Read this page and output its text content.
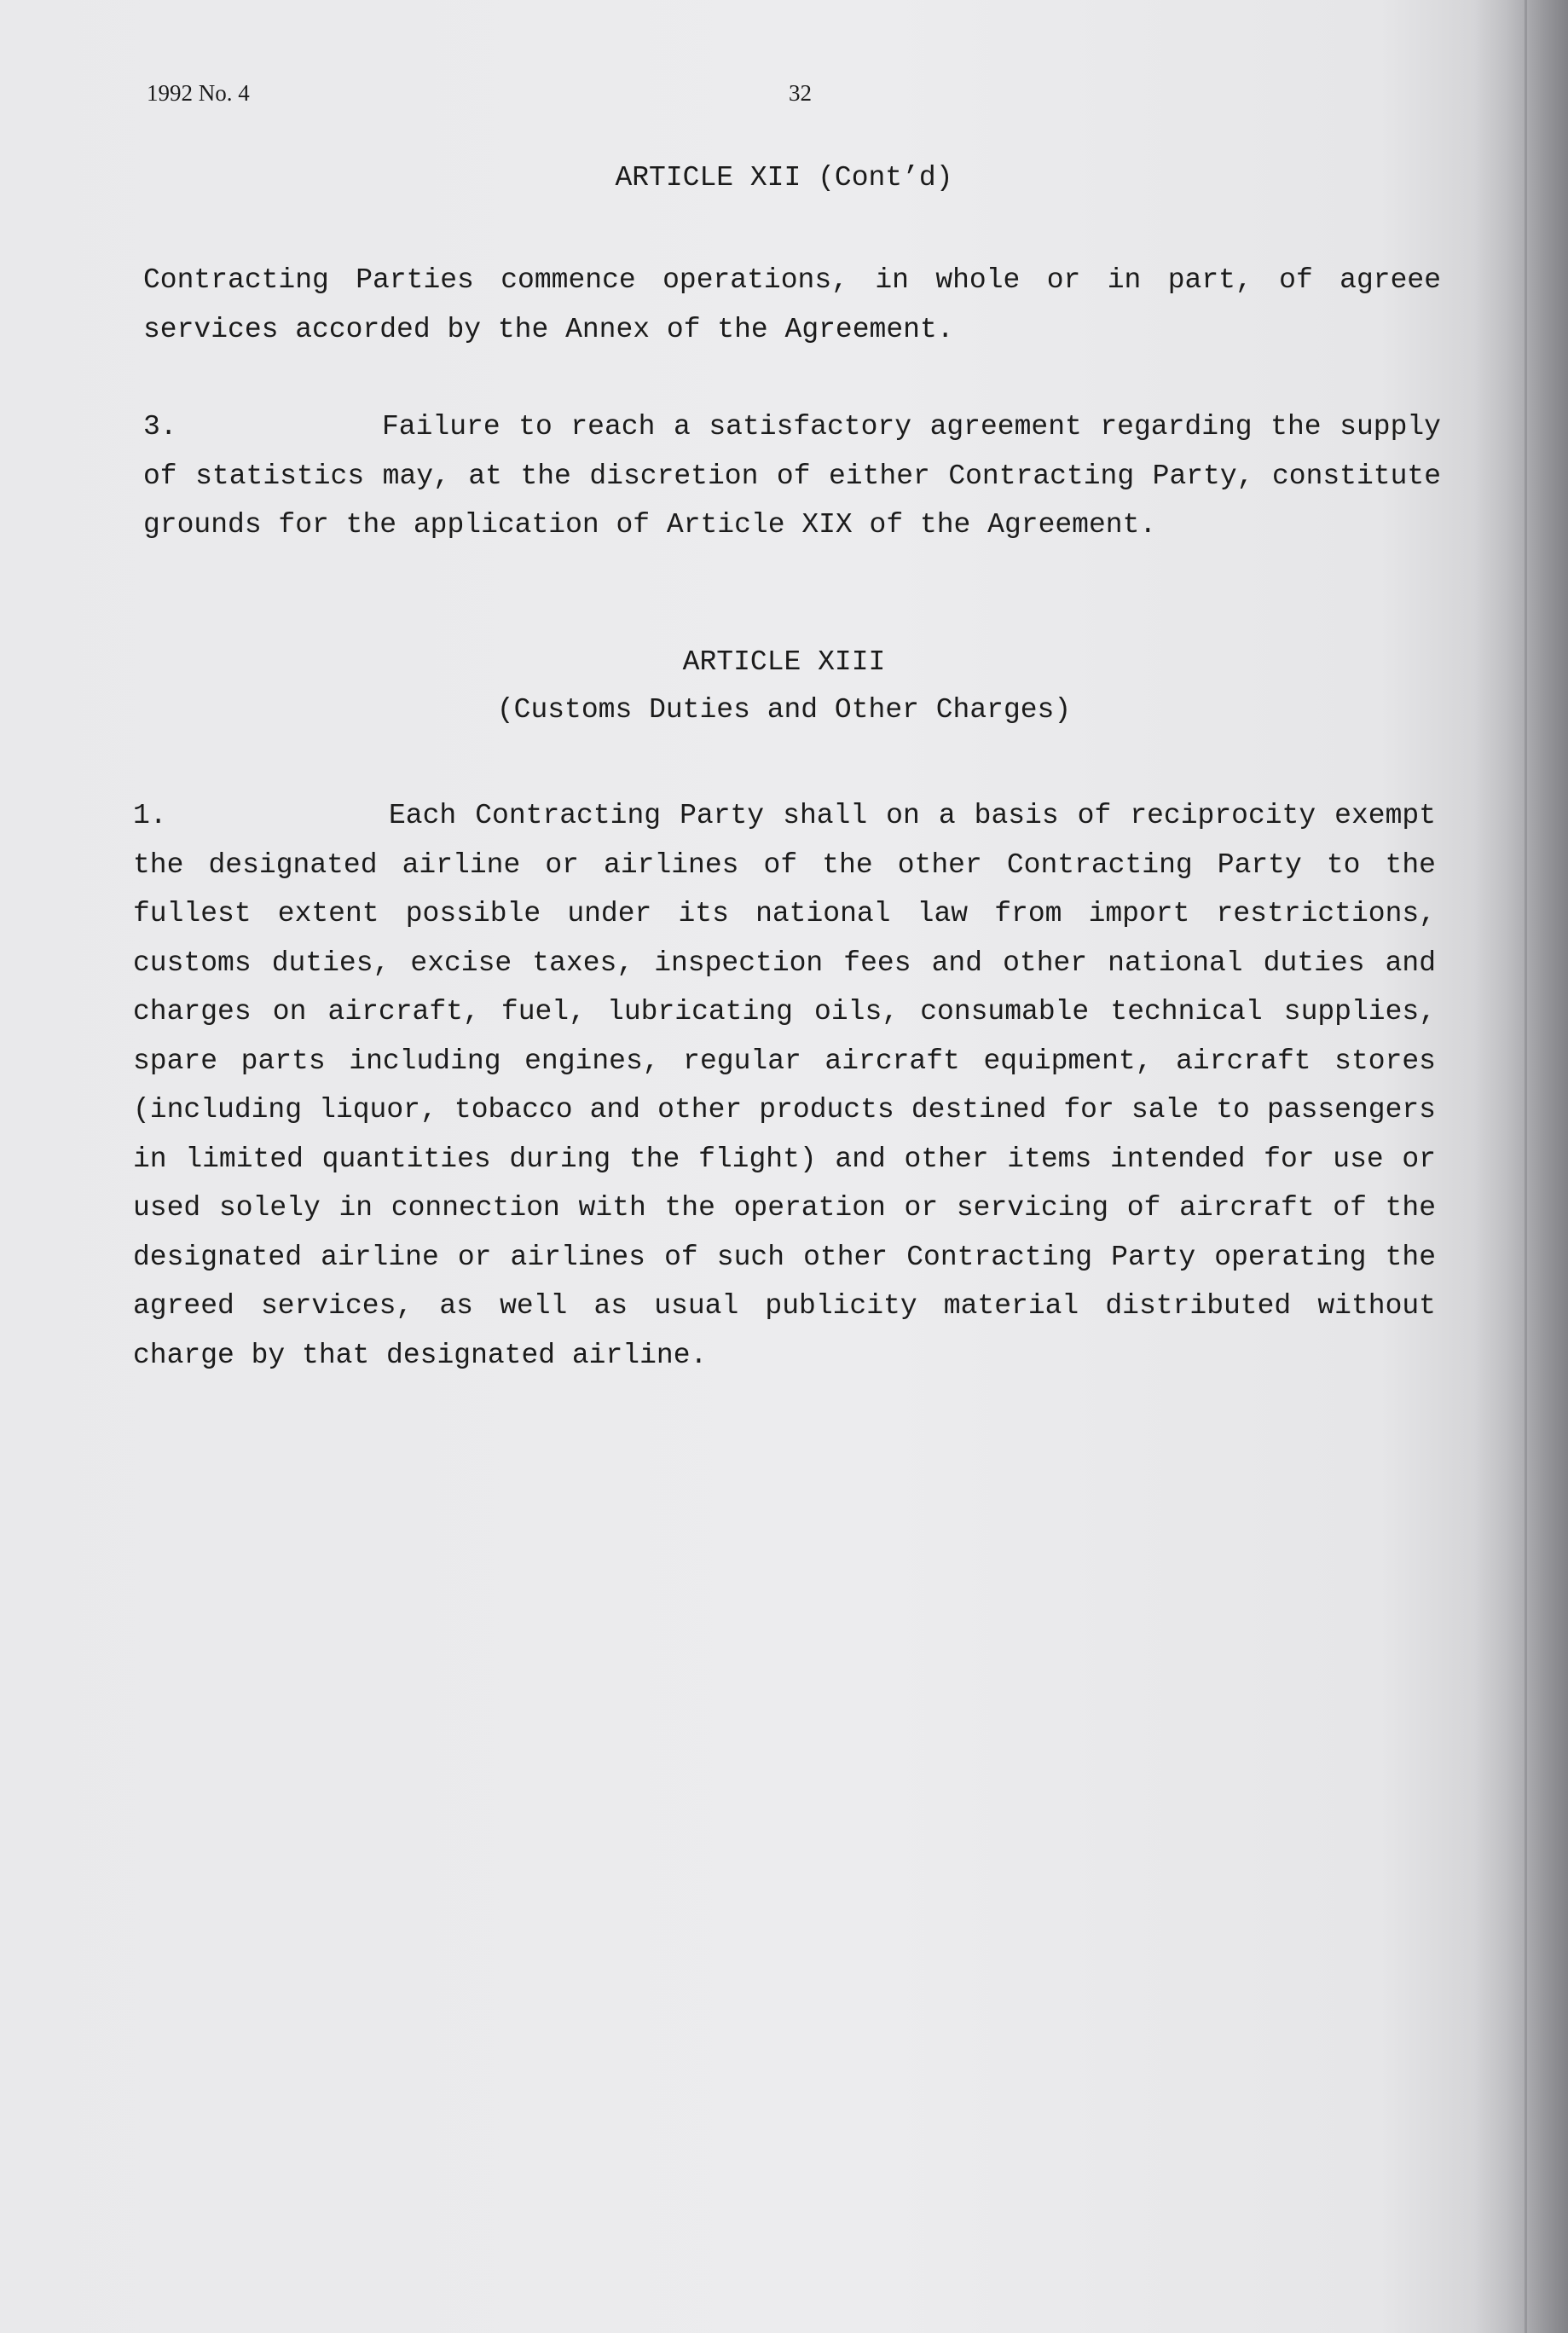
1992 No. 4	32

ARTICLE XII (Cont’d)

Contracting Parties commence operations, in whole or in part, of agreee services accorded by the Annex of the Agreement.

3.	Failure to reach a satisfactory agreement regarding the supply of statistics may, at the discretion of either Contracting Party, constitute grounds for the application of Article XIX of the Agreement.

ARTICLE XIII

(Customs Duties and Other Charges)

1.	Each Contracting Party shall on a basis of reciprocity exempt the designated airline or airlines of the other Contracting Party to the fullest extent possible under its national law from import restrictions, customs duties, excise taxes, inspection fees and other national duties and charges on aircraft, fuel, lubricating oils, consumable technical supplies, spare parts including engines, regular aircraft equipment, aircraft stores (including liquor, tobacco and other products destined for sale to passengers in limited quantities during the flight) and other items intended for use or used solely in connection with the operation or servicing of aircraft of the designated airline or airlines of such other Contracting Party operating the agreed services, as well as usual publicity material distributed without charge by that designated airline.
